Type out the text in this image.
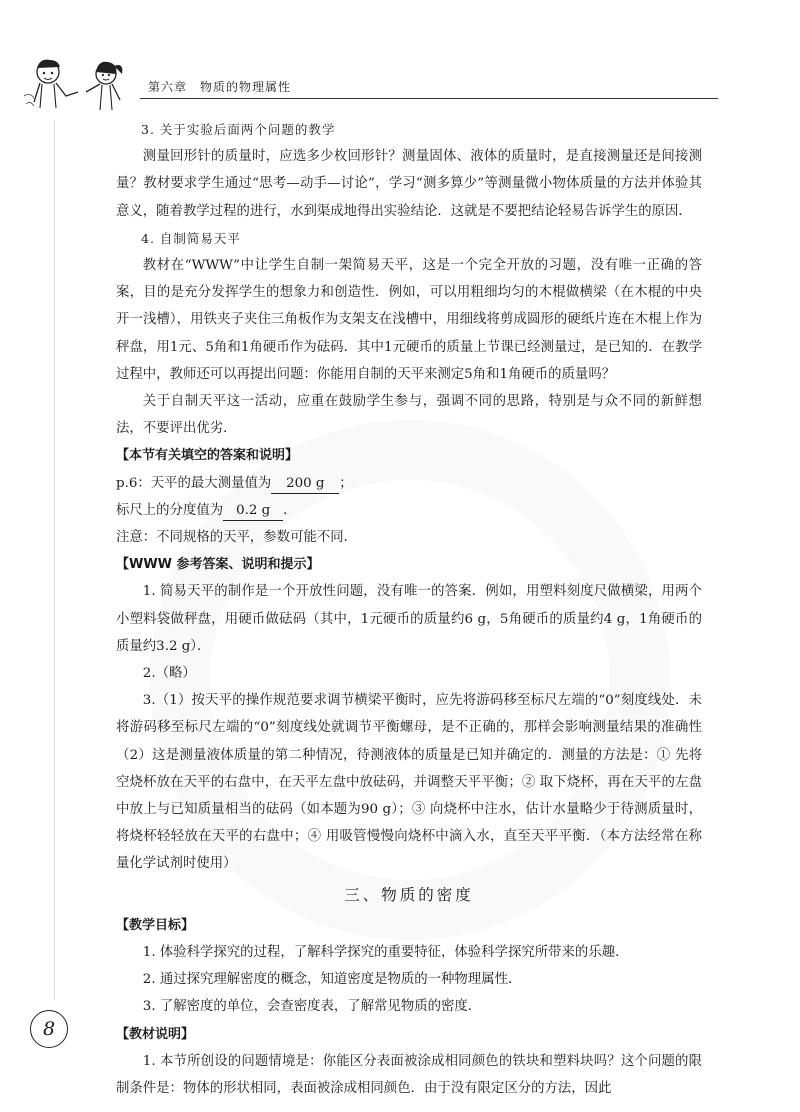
第六章　物质的物理属性

3. 关于实验后面两个问题的教学

测量回形针的质量时，应选多少枚回形针？测量固体、液体的质量时，是直接测量还是间接测量？教材要求学生通过“思考—动手—讨论”，学习“测多算少”等测量微小物体质量的方法并体验其意义，随着教学过程的进行，水到渠成地得出实验结论．这就是不要把结论轻易告诉学生的原因．

4. 自制简易天平

教材在“WWW”中让学生自制一架简易天平，这是一个完全开放的习题，没有唯一正确的答案，目的是充分发挥学生的想象力和创造性．例如，可以用粗细均匀的木棍做横梁（在木棍的中央开一浅槽），用铁夹子夹住三角板作为支架支在浅槽中，用细线将剪成圆形的硬纸片连在木棍上作为秤盘，用1元、5角和1角硬币作为砝码．其中1元硬币的质量上节课已经测量过，是已知的．在教学过程中，教师还可以再提出问题：你能用自制的天平来测定5角和1角硬币的质量吗？

关于自制天平这一活动，应重在鼓励学生参与，强调不同的思路，特别是与众不同的新鲜想法，不要评出优劣．

【本节有关填空的答案和说明】

p.6：天平的最大测量值为 200 g ；

标尺上的分度值为 0.2 g ．

注意：不同规格的天平，参数可能不同．

【WWW 参考答案、说明和提示】

1. 简易天平的制作是一个开放性问题，没有唯一的答案．例如，用塑料刻度尺做横梁，用两个小塑料袋做秤盘，用硬币做砝码（其中，1元硬币的质量约6 g，5角硬币的质量约4 g，1角硬币的质量约3.2 g）．

2.（略）

3.（1）按天平的操作规范要求调节横梁平衡时，应先将游码移至标尺左端的“0”刻度线处．未将游码移至标尺左端的“0”刻度线处就调节平衡螺母，是不正确的，那样会影响测量结果的准确性　（2）这是测量液体质量的第二种情况，待测液体的质量是已知并确定的．测量的方法是：① 先将空烧杯放在天平的右盘中，在天平左盘中放砝码，并调整天平平衡；② 取下烧杯，再在天平的左盘中放上与已知质量相当的砝码（如本题为90 g）；③ 向烧杯中注水，估计水量略少于待测质量时，将烧杯轻轻放在天平的右盘中；④ 用吸管慢慢向烧杯中滴入水，直至天平平衡．（本方法经常在称量化学试剂时使用）

三、物质的密度

【教学目标】

1. 体验科学探究的过程，了解科学探究的重要特征，体验科学探究所带来的乐趣．

2. 通过探究理解密度的概念，知道密度是物质的一种物理属性．

3. 了解密度的单位，会查密度表，了解常见物质的密度．

【教材说明】

1. 本节所创设的问题情境是：你能区分表面被涂成相同颜色的铁块和塑料块吗？这个问题的限制条件是：物体的形状相同，表面被涂成相同颜色．由于没有限定区分的方法，因此

8
